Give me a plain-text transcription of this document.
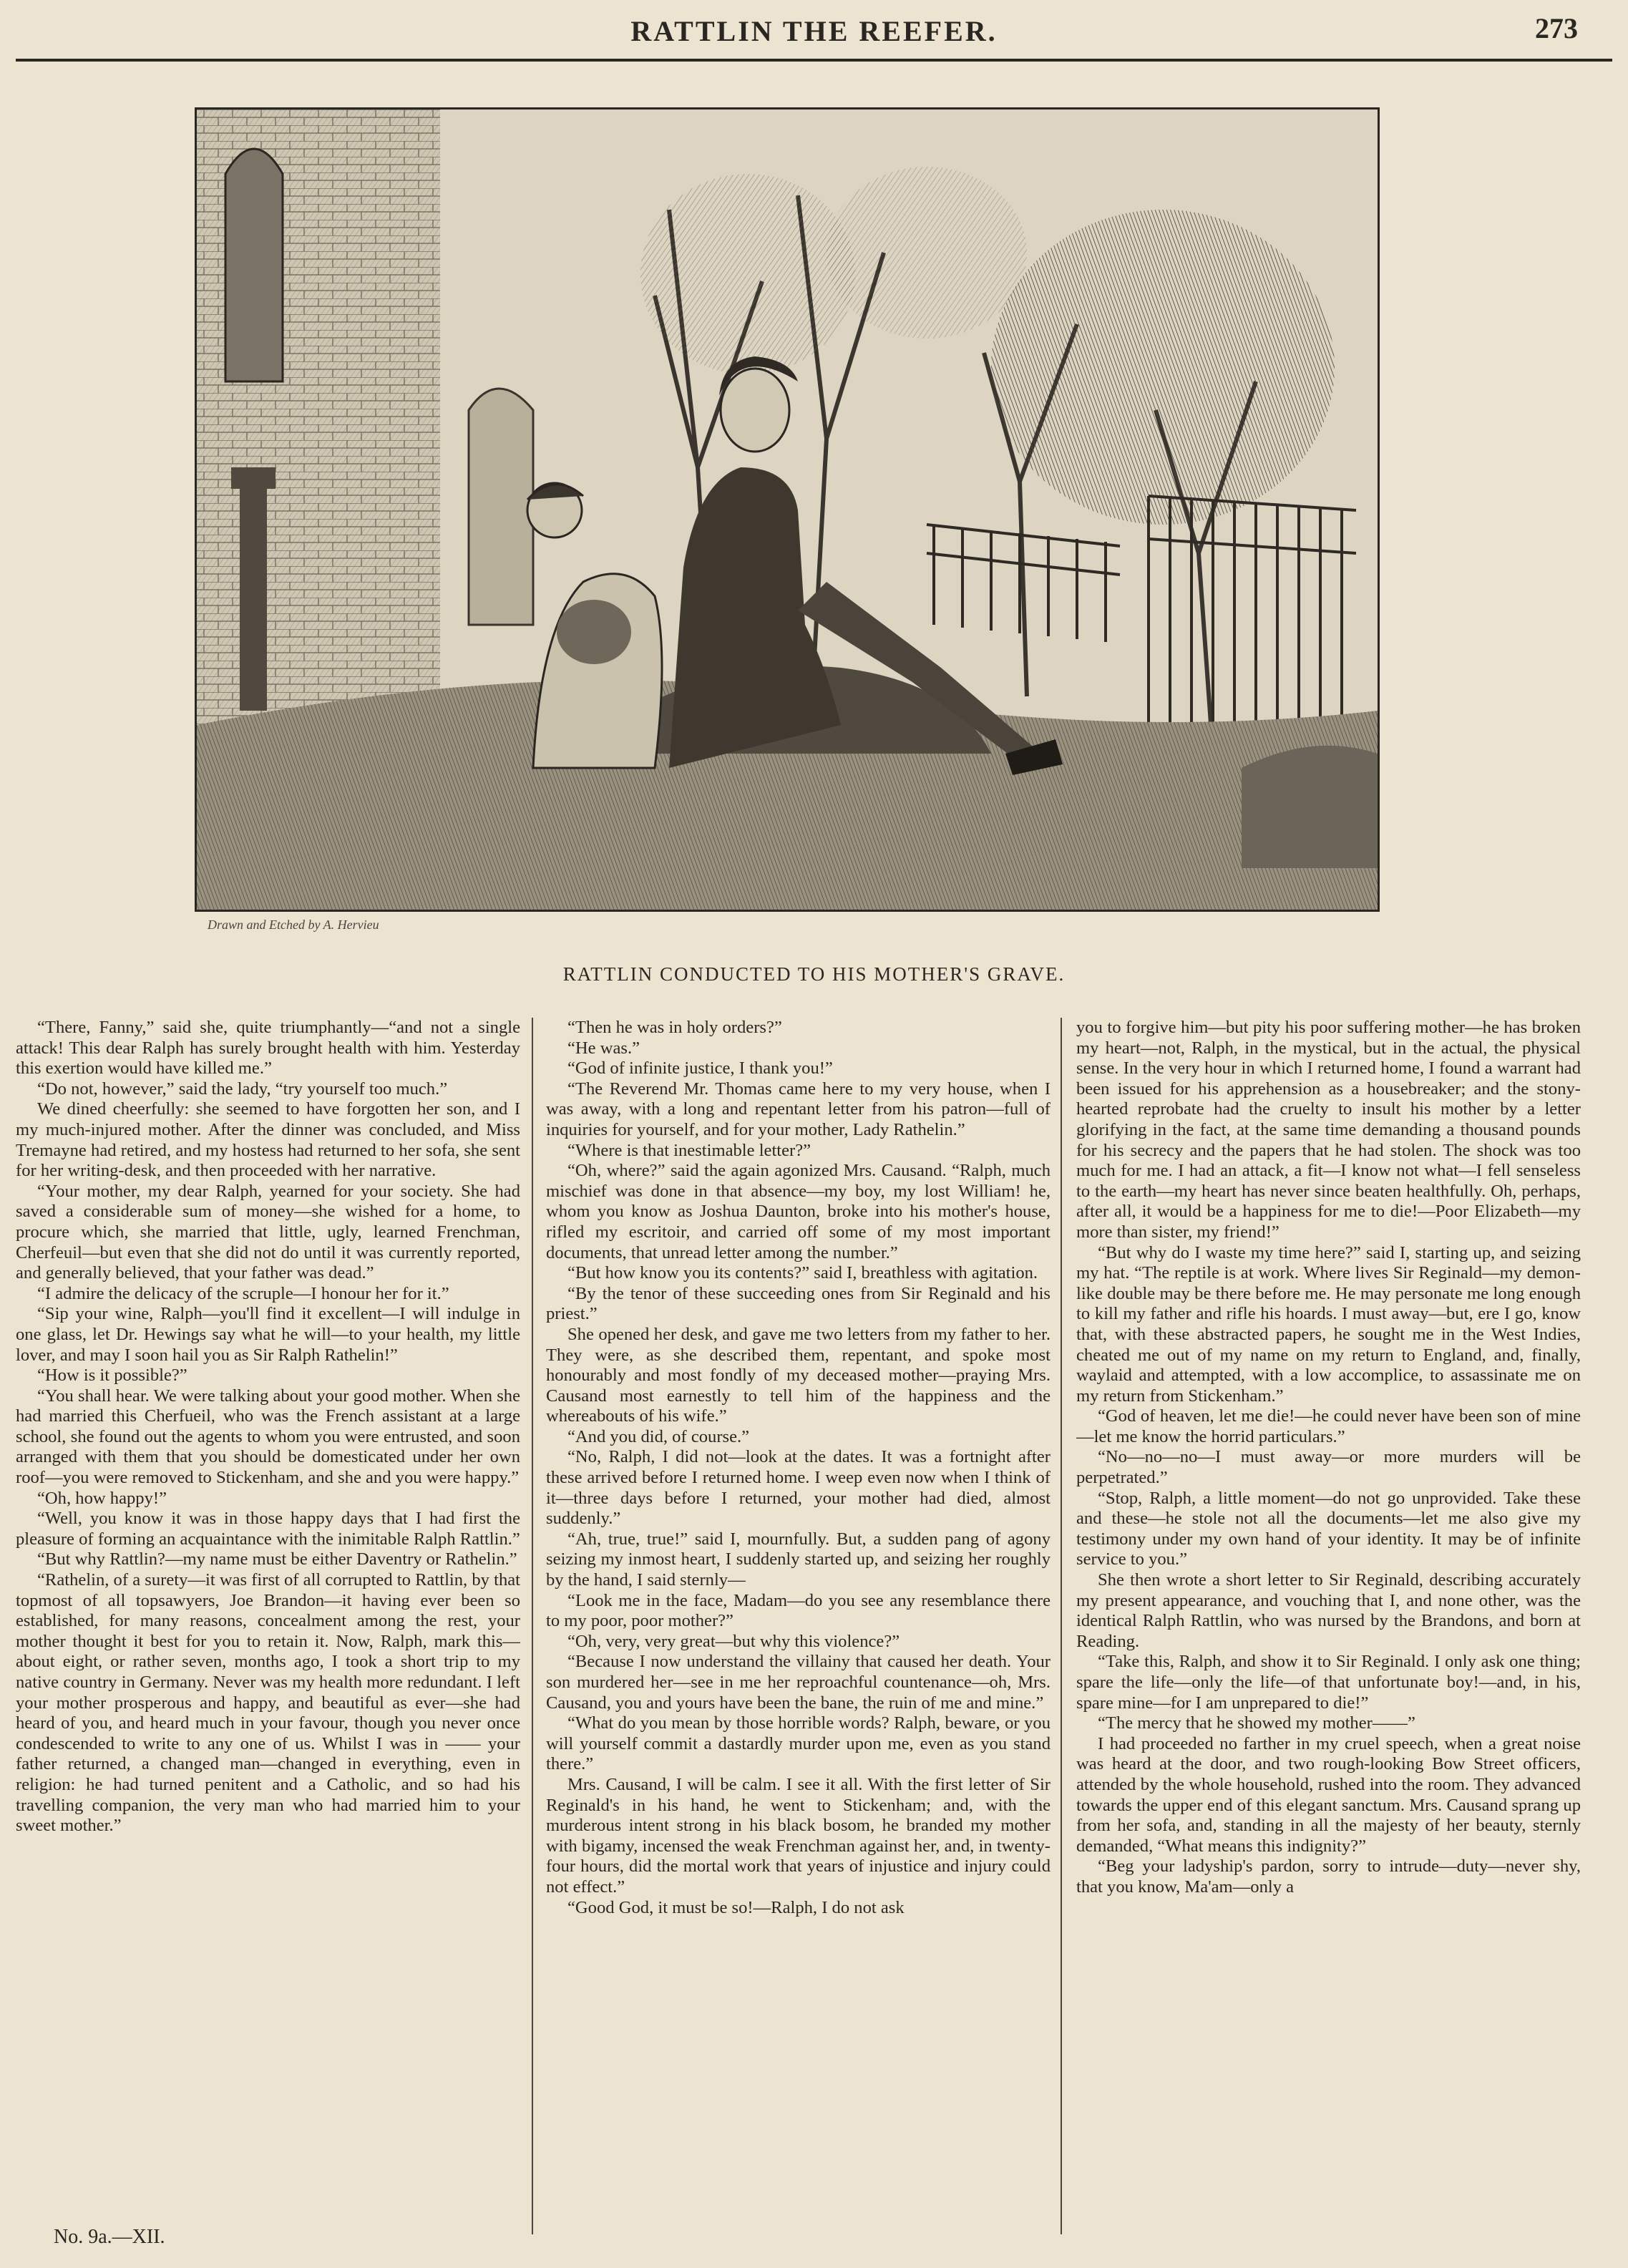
RATTLIN THE REEFER.	273
Drawn and Etched by A. Hervieu
RATTLIN CONDUCTED TO HIS MOTHER'S GRAVE.

“There, Fanny,” said she, quite triumphantly—“and not a single attack! This dear Ralph has surely brought health with him. Yesterday this exertion would have killed me.”

“Do not, however,” said the lady, “try yourself too much.”

We dined cheerfully: she seemed to have forgotten her son, and I my much-injured mother. After the dinner was concluded, and Miss Tremayne had retired, and my hostess had returned to her sofa, she sent for her writing-desk, and then proceeded with her narrative.

“Your mother, my dear Ralph, yearned for your society. She had saved a considerable sum of money—she wished for a home, to procure which, she married that little, ugly, learned Frenchman, Cherfeuil—but even that she did not do until it was currently reported, and generally believed, that your father was dead.”

“I admire the delicacy of the scruple—I honour her for it.”

“Sip your wine, Ralph—you'll find it excellent—I will indulge in one glass, let Dr. Hewings say what he will—to your health, my little lover, and may I soon hail you as Sir Ralph Rathelin!”

“How is it possible?”

“You shall hear. We were talking about your good mother. When she had married this Cherfueil, who was the French assistant at a large school, she found out the agents to whom you were entrusted, and soon arranged with them that you should be domesticated under her own roof—you were removed to Stickenham, and she and you were happy.”

“Oh, how happy!”

“Well, you know it was in those happy days that I had first the pleasure of forming an acquaintance with the inimitable Ralph Rattlin.”

“But why Rattlin?—my name must be either Daventry or Rathelin.”

“Rathelin, of a surety—it was first of all corrupted to Rattlin, by that topmost of all topsawyers, Joe Brandon—it having ever been so established, for many reasons, concealment among the rest, your mother thought it best for you to retain it. Now, Ralph, mark this—about eight, or rather seven, months ago, I took a short trip to my native country in Germany. Never was my health more redundant. I left your mother prosperous and happy, and beautiful as ever—she had heard of you, and heard much in your favour, though you never once condescended to write to any one of us. Whilst I was in —— your father returned, a changed man—changed in everything, even in religion: he had turned penitent and a Catholic, and so had his travelling companion, the very man who had married him to your sweet mother.”

“Then he was in holy orders?”

“He was.”

“God of infinite justice, I thank you!”

“The Reverend Mr. Thomas came here to my very house, when I was away, with a long and repentant letter from his patron—full of inquiries for yourself, and for your mother, Lady Rathelin.”

“Where is that inestimable letter?”

“Oh, where?” said the again agonized Mrs. Causand. “Ralph, much mischief was done in that absence—my boy, my lost William! he, whom you know as Joshua Daunton, broke into his mother's house, rifled my escritoir, and carried off some of my most important documents, that unread letter among the number.”

“But how know you its contents?” said I, breathless with agitation.

“By the tenor of these succeeding ones from Sir Reginald and his priest.”

She opened her desk, and gave me two letters from my father to her. They were, as she described them, repentant, and spoke most honourably and most fondly of my deceased mother—praying Mrs. Causand most earnestly to tell him of the happiness and the whereabouts of his wife.”

“And you did, of course.”

“No, Ralph, I did not—look at the dates. It was a fortnight after these arrived before I returned home. I weep even now when I think of it—three days before I returned, your mother had died, almost suddenly.”

“Ah, true, true!” said I, mournfully. But, a sudden pang of agony seizing my inmost heart, I suddenly started up, and seizing her roughly by the hand, I said sternly—

“Look me in the face, Madam—do you see any resemblance there to my poor, poor mother?”

“Oh, very, very great—but why this violence?”

“Because I now understand the villainy that caused her death. Your son murdered her—see in me her reproachful countenance—oh, Mrs. Causand, you and yours have been the bane, the ruin of me and mine.”

“What do you mean by those horrible words? Ralph, beware, or you will yourself commit a dastardly murder upon me, even as you stand there.”

Mrs. Causand, I will be calm. I see it all. With the first letter of Sir Reginald's in his hand, he went to Stickenham; and, with the murderous intent strong in his black bosom, he branded my mother with bigamy, incensed the weak Frenchman against her, and, in twenty-four hours, did the mortal work that years of injustice and injury could not effect.”

“Good God, it must be so!—Ralph, I do not ask

you to forgive him—but pity his poor suffering mother—he has broken my heart—not, Ralph, in the mystical, but in the actual, the physical sense. In the very hour in which I returned home, I found a warrant had been issued for his apprehension as a housebreaker; and the stony-hearted reprobate had the cruelty to insult his mother by a letter glorifying in the fact, at the same time demanding a thousand pounds for his secrecy and the papers that he had stolen. The shock was too much for me. I had an attack, a fit—I know not what—I fell senseless to the earth—my heart has never since beaten healthfully. Oh, perhaps, after all, it would be a happiness for me to die!—Poor Elizabeth—my more than sister, my friend!”

“But why do I waste my time here?” said I, starting up, and seizing my hat. “The reptile is at work. Where lives Sir Reginald—my demon-like double may be there before me. He may personate me long enough to kill my father and rifle his hoards. I must away—but, ere I go, know that, with these abstracted papers, he sought me in the West Indies, cheated me out of my name on my return to England, and, finally, waylaid and attempted, with a low accomplice, to assassinate me on my return from Stickenham.”

“God of heaven, let me die!—he could never have been son of mine—let me know the horrid particulars.”

“No—no—no—I must away—or more murders will be perpetrated.”

“Stop, Ralph, a little moment—do not go unprovided. Take these and these—he stole not all the documents—let me also give my testimony under my own hand of your identity. It may be of infinite service to you.”

She then wrote a short letter to Sir Reginald, describing accurately my present appearance, and vouching that I, and none other, was the identical Ralph Rattlin, who was nursed by the Brandons, and born at Reading.

“Take this, Ralph, and show it to Sir Reginald. I only ask one thing; spare the life—only the life—of that unfortunate boy!—and, in his, spare mine—for I am unprepared to die!”

“The mercy that he showed my mother——”

I had proceeded no farther in my cruel speech, when a great noise was heard at the door, and two rough-looking Bow Street officers, attended by the whole household, rushed into the room. They advanced towards the upper end of this elegant sanctum. Mrs. Causand sprang up from her sofa, and, standing in all the majesty of her beauty, sternly demanded, “What means this indignity?”

“Beg your ladyship's pardon, sorry to intrude—duty—never shy, that you know, Ma'am—only a

No. 9a.—XII.
